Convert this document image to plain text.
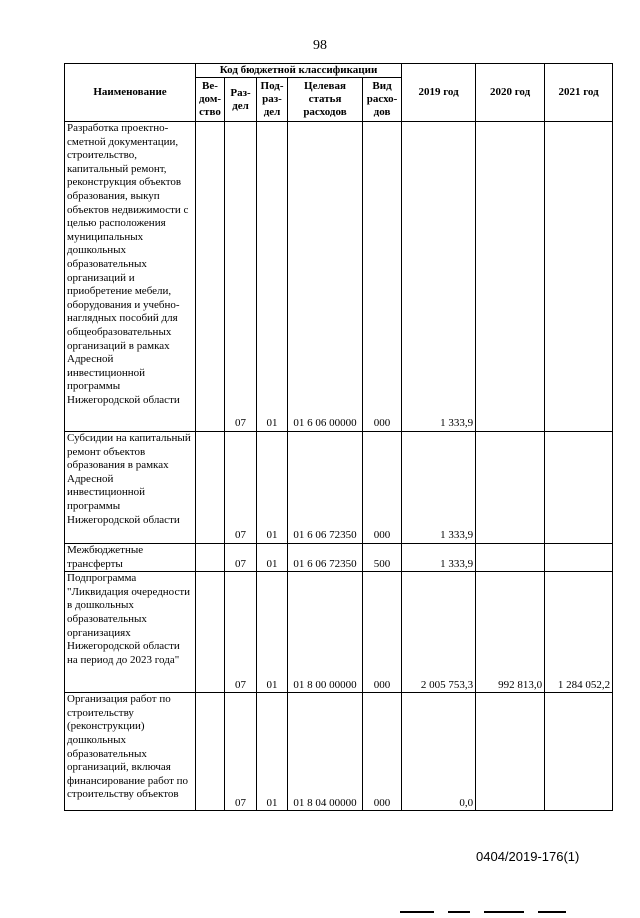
98
Наименование	Код бюджетной классификации					2019 год	2020 год	2021 год
	Ве-
дом-
ство	Раз-
дел	Под-
раз-
дел	Целевая
статья
расходов	Вид
расхо-
дов			
Разработка проектно-сметной документации, строительство, капитальный ремонт, реконструкция объектов образования, выкуп объектов недвижимости с целью расположения муниципальных дошкольных образовательных организаций и приобретение мебели, оборудования и учебно-наглядных пособий для общеобразовательных организаций в рамках Адресной инвестиционной программы Нижегородской области		07	01	01 6 06 00000	000	1 333,9		
Субсидии на капитальный ремонт объектов образования в рамках Адресной инвестиционной программы Нижегородской области		07	01	01 6 06 72350	000	1 333,9		
Межбюджетные трансферты		07	01	01 6 06 72350	500	1 333,9		
Подпрограмма "Ликвидация очередности в дошкольных образовательных организациях Нижегородской области на период до 2023 года"		07	01	01 8 00 00000	000	2 005 753,3	992 813,0	1 284 052,2
Организация работ по строительству (реконструкции) дошкольных образовательных организаций, включая финансирование работ по строительству объектов		07	01	01 8 04 00000	000	0,0		
0404/2019-176(1)
